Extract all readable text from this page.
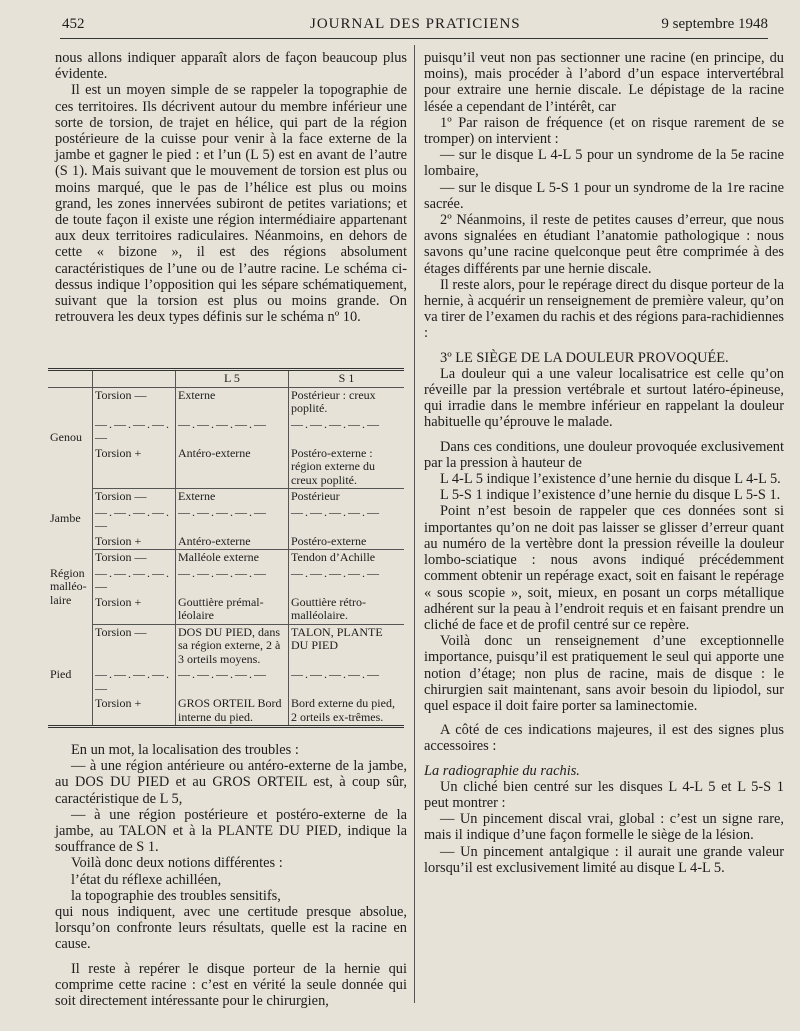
452	JOURNAL DES PRATICIENS	9 septembre 1948

nous allons indiquer apparaît alors de façon beaucoup plus évidente.

Il est un moyen simple de se rappeler la topographie de ces territoires. Ils décrivent autour du membre inférieur une sorte de torsion, de trajet en hélice, qui part de la région postérieure de la cuisse pour venir à la face externe de la jambe et gagner le pied : et l’un (L 5) est en avant de l’autre (S 1). Mais suivant que le mouvement de torsion est plus ou moins marqué, que le pas de l’hélice est plus ou moins grand, les zones innervées subiront de petites variations; et de toute façon il existe une région intermédiaire appartenant aux deux territoires radiculaires. Néanmoins, en dehors de cette « bizone », il est des régions absolument caractéristiques de l’une ou de l’autre racine. Le schéma ci-dessus indique l’opposition qui les sépare schématiquement, suivant que la torsion est plus ou moins grande. On retrouvera les deux types définis sur le schéma nº 10.

		L 5	S 1
Genou	Torsion —	Externe	Postérieur : creux poplité.
	—.—.—.—.—	—.—.—.—.—	—.—.—.—.—
	Torsion +	Antéro-externe	Postéro-externe : région externe du creux poplité.
Jambe	Torsion —	Externe	Postérieur
	—.—.—.—.—	—.—.—.—.—	—.—.—.—.—
	Torsion +	Antéro-externe	Postéro-externe
Région malléo-laire	Torsion —	Malléole externe	Tendon d’Achille
	—.—.—.—.—	—.—.—.—.—	—.—.—.—.—
	Torsion +	Gouttière prémal-léolaire	Gouttière rétro-malléolaire.
Pied	Torsion —	DOS DU PIED, dans sa région externe, 2 à 3 orteils moyens.	TALON, PLANTE DU PIED
	—.—.—.—.—	—.—.—.—.—	—.—.—.—.—
	Torsion +	GROS ORTEIL Bord interne du pied.	Bord externe du pied, 2 orteils ex-trêmes.

En un mot, la localisation des troubles :

— à une région antérieure ou antéro-externe de la jambe, au DOS DU PIED et au GROS ORTEIL est, à coup sûr, caractéristique de L 5,

— à une région postérieure et postéro-externe de la jambe, au TALON et à la PLANTE DU PIED, indique la souffrance de S 1.

Voilà donc deux notions différentes :

l’état du réflexe achilléen,

la topographie des troubles sensitifs,

qui nous indiquent, avec une certitude presque absolue, lorsqu’on confronte leurs résultats, quelle est la racine en cause.

Il reste à repérer le disque porteur de la hernie qui comprime cette racine : c’est en vérité la seule donnée qui soit directement intéressante pour le chirurgien,

puisqu’il veut non pas sectionner une racine (en principe, du moins), mais procéder à l’abord d’un espace intervertébral pour extraire une hernie discale. Le dépistage de la racine lésée a cependant de l’intérêt, car

1º Par raison de fréquence (et on risque rarement de se tromper) on intervient :

— sur le disque L 4-L 5 pour un syndrome de la 5e racine lombaire,

— sur le disque L 5-S 1 pour un syndrome de la 1re racine sacrée.

2º Néanmoins, il reste de petites causes d’erreur, que nous avons signalées en étudiant l’anatomie pathologique : nous savons qu’une racine quelconque peut être comprimée à des étages différents par une hernie discale.

Il reste alors, pour le repérage direct du disque porteur de la hernie, à acquérir un renseignement de première valeur, qu’on va tirer de l’examen du rachis et des régions para-rachidiennes :

3º LE SIÈGE DE LA DOULEUR PROVOQUÉE.

La douleur qui a une valeur localisatrice est celle qu’on réveille par la pression vertébrale et surtout latéro-épineuse, qui irradie dans le membre inférieur en rappelant la douleur habituelle qu’éprouve le malade.

Dans ces conditions, une douleur provoquée exclusivement par la pression à hauteur de

L 4-L 5 indique l’existence d’une hernie du disque L 4-L 5.

L 5-S 1 indique l’existence d’une hernie du disque L 5-S 1.

Point n’est besoin de rappeler que ces données sont si importantes qu’on ne doit pas laisser se glisser d’erreur quant au numéro de la vertèbre dont la pression réveille la douleur lombo-sciatique : nous avons indiqué précédemment comment obtenir un repérage exact, soit en faisant le repérage « sous scopie », soit, mieux, en posant un corps métallique adhérent sur la peau à l’endroit requis et en faisant prendre un cliché de face et de profil centré sur ce repère.

Voilà donc un renseignement d’une exceptionnelle importance, puisqu’il est pratiquement le seul qui apporte une notion d’étage; non plus de racine, mais de disque : le chirurgien sait maintenant, sans avoir besoin du lipiodol, sur quel espace il doit faire porter sa laminectomie.

A côté de ces indications majeures, il est des signes plus accessoires :

La radiographie du rachis.

Un cliché bien centré sur les disques L 4-L 5 et L 5-S 1 peut montrer :

— Un pincement discal vrai, global : c’est un signe rare, mais il indique d’une façon formelle le siège de la lésion.

— Un pincement antalgique : il aurait une grande valeur lorsqu’il est exclusivement limité au disque L 4-L 5.
